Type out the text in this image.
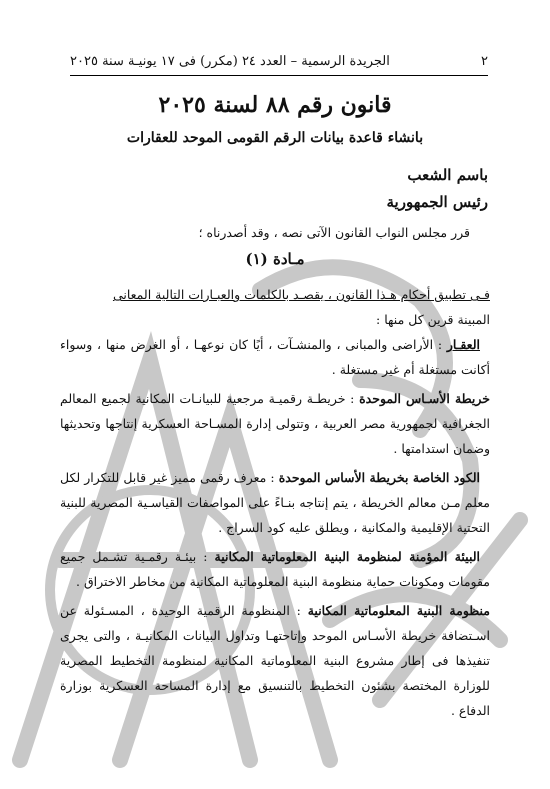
٢
الجريدة الرسمية – العدد ٢٤ (مكرر) فى ١٧ يونيـة سنة ٢٠٢٥
قانون رقم ٨٨ لسنة ٢٠٢٥
بانشاء قاعدة بيانات الرقم القومى الموحد للعقارات
باسم الشعب
رئيس الجمهورية
قرر مجلس النواب القانون الآتى نصه ، وقد أصدرناه ؛
مـادة (١)

فـى تطبيق أحكام هـذا القانون ، يقصـد بالكلمات والعبـارات التالية المعانى

المبينة قرين كل منها :

العقـار : الأراضى والمبانى ، والمنشـآت ، أيًا كان نوعهـا ، أو الغرض منها ، وسواء أكانت مستغلة أم غير مستغلة .

خريطة الأسـاس الموحدة : خريطـة رقميـة مرجعية للبيانـات المكانية لجميع المعالم الجغرافية لجمهورية مصر العربية ، وتتولى إدارة المسـاحة العسكرية إنتاجها وتحديثها وضمان استدامتها .

الكود الخاصة بخريطة الأساس الموحدة : معرف رقمى مميز غير قابل للتكرار لكل معلم مـن معالم الخريطة ، يتم إنتاجه بنـاءً على المواصفات القياسـية المصرية للبنية التحتية الإقليمية والمكانية ، ويطلق عليه كود السراج .

البيئة المؤمنة لمنظومة البنية المعلوماتية المكانية : بيئـة رقمـية تشـمل جميع مقومات ومكونات حماية منظومة البنية المعلوماتية المكانية من مخاطر الاختراق .

منظومة البنية المعلوماتية المكانية : المنظومة الرقمية الوحيدة ، المسـئولة عن اسـتضافة خريطة الأسـاس الموحد وإتاحتهـا وتداول البيانات المكانيـة ، والتى يجرى تنفيذها فى إطار مشروع البنية المعلوماتية المكانية لمنظومة التخطيط المصرية للوزارة المختصة بشئون التخطيط بالتنسيق مع إدارة المساحة العسكرية بوزارة الدفاع .
